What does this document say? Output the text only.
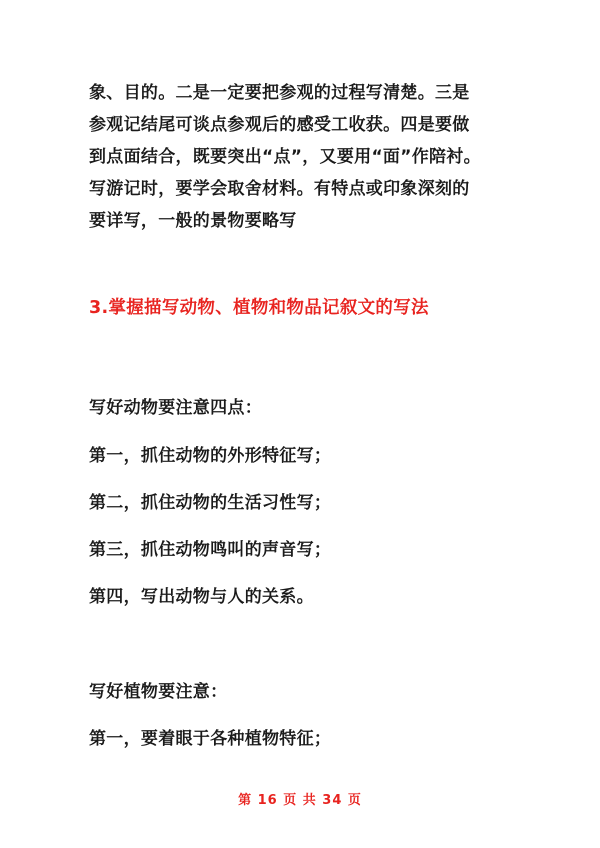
象、目的。二是一定要把参观的过程写清楚。三是
参观记结尾可谈点参观后的感受工收获。四是要做
到点面结合，既要突出“点”，又要用“面”作陪衬。
写游记时，要学会取舍材料。有特点或印象深刻的
要详写，一般的景物要略写
3.掌握描写动物、植物和物品记叙文的写法

写好动物要注意四点：

第一，抓住动物的外形特征写；

第二，抓住动物的生活习性写；

第三，抓住动物鸣叫的声音写；

第四，写出动物与人的关系。

写好植物要注意：

第一，要着眼于各种植物特征；

第 16 页 共 34 页
